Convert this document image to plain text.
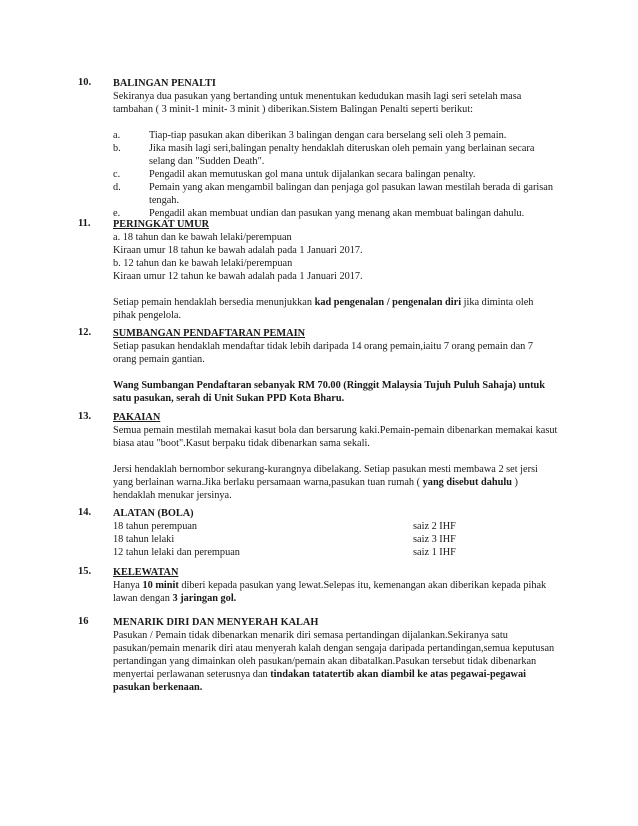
10. BALINGAN PENALTI

Sekiranya dua pasukan yang bertanding untuk menentukan kedudukan masih lagi seri setelah masa

tambahan ( 3 minit-1 minit- 3 minit ) diberikan.Sistem Balingan Penalti seperti berikut:

a.	Tiap-tiap pasukan akan diberikan 3 balingan dengan cara berselang seli oleh 3 pemain.
b.	Jika masih lagi seri,balingan penalty hendaklah diteruskan oleh pemain yang berlainan secara
selang dan "Sudden Death".
c.	Pengadil akan memutuskan gol mana untuk dijalankan secara balingan penalty.
d.	Pemain yang akan mengambil balingan dan penjaga gol pasukan lawan mestilah berada di garisan
tengah.
e.	Pengadil akan membuat undian dan pasukan yang menang akan membuat balingan dahulu.
11. PERINGKAT UMUR

a. 18 tahun dan ke bawah lelaki/perempuan

Kiraan umur 18 tahun ke bawah adalah pada 1 Januari 2017.

b. 12 tahun dan ke bawah lelaki/perempuan

Kiraan umur 12 tahun ke bawah adalah pada 1 Januari 2017.

Setiap pemain hendaklah bersedia menunjukkan kad pengenalan / pengenalan diri jika diminta oleh

pihak pengelola.

12. SUMBANGAN PENDAFTARAN PEMAIN

Setiap pasukan hendaklah mendaftar tidak lebih daripada 14 orang pemain,iaitu 7 orang pemain dan 7

orang pemain gantian.

Wang Sumbangan Pendaftaran sebanyak RM 70.00 (Ringgit Malaysia Tujuh Puluh Sahaja) untuk

satu pasukan, serah di Unit Sukan PPD Kota Bharu.

13. PAKAIAN

Semua pemain mestilah memakai kasut bola dan bersarung kaki.Pemain-pemain dibenarkan memakai kasut

biasa atau "boot".Kasut berpaku tidak dibenarkan sama sekali.

Jersi hendaklah bernombor sekurang-kurangnya dibelakang. Setiap pasukan mesti membawa 2 set jersi

yang berlainan warna.Jika berlaku persamaan warna,pasukan tuan rumah ( yang disebut dahulu )

hendaklah menukar jersinya.

14. ALATAN (BOLA)
18 tahun perempuan	saiz 2 IHF
18 tahun lelaki	saiz 3 IHF
12 tahun lelaki dan perempuan	saiz 1 IHF
15. KELEWATAN

Hanya 10 minit diberi kepada pasukan yang lewat.Selepas itu, kemenangan akan diberikan kepada pihak

lawan dengan 3 jaringan gol.

16 MENARIK DIRI DAN MENYERAH KALAH

Pasukan / Pemain tidak dibenarkan menarik diri semasa pertandingan dijalankan.Sekiranya satu

pasukan/pemain menarik diri atau menyerah kalah dengan sengaja daripada pertandingan,semua keputusan

pertandingan yang dimainkan oleh pasukan/pemain akan dibatalkan.Pasukan tersebut tidak dibenarkan

menyertai perlawanan seterusnya dan tindakan tatatertib akan diambil ke atas pegawai-pegawai

pasukan berkenaan.
